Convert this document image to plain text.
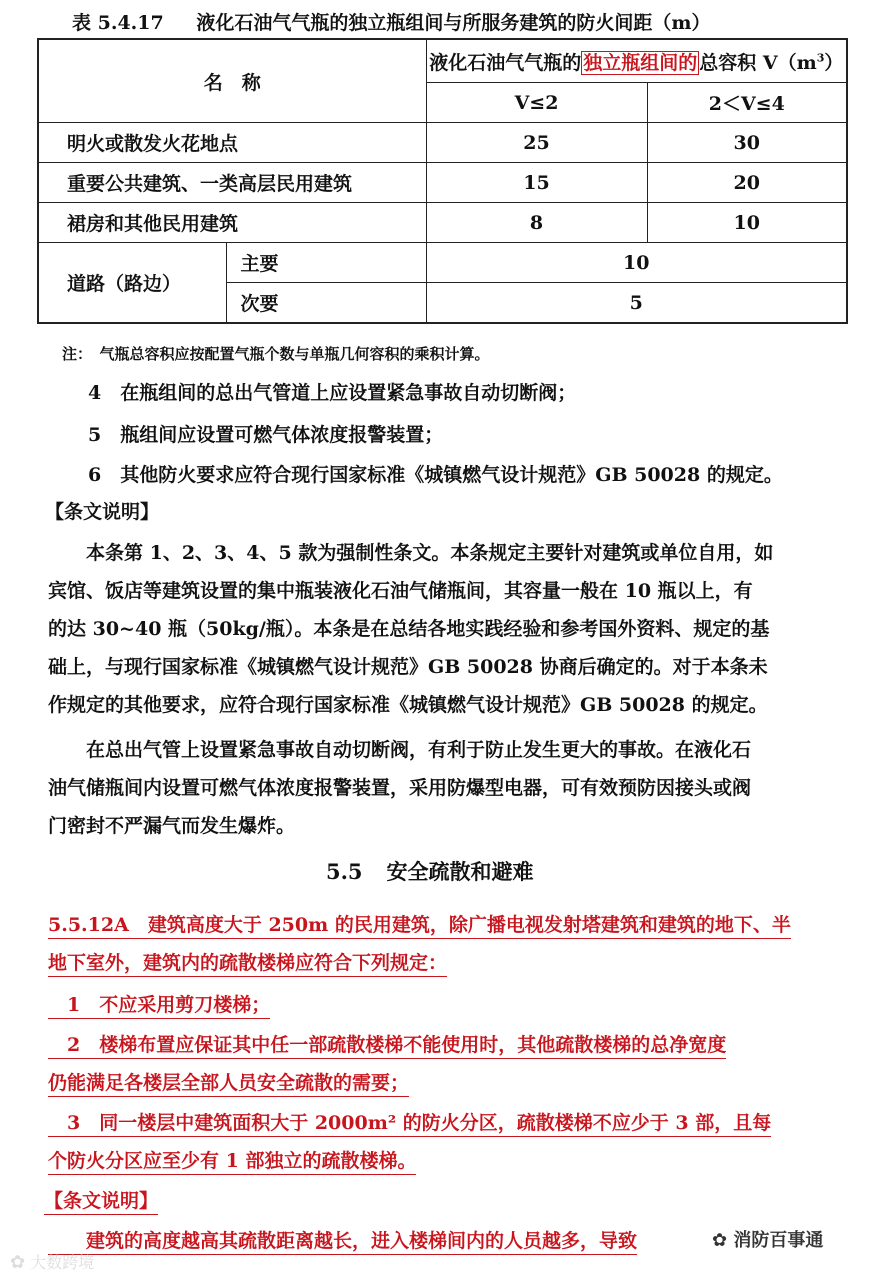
表 5.4.17 液化石油气气瓶的独立瓶组间与所服务建筑的防火间距（m）
名　称		液化石油气气瓶的 独立瓶组间的 总容积 $V(m^3)$	
		V≤2	2＜V≤4
明火或散发火花地点		25	30
重要公共建筑、一类高层民用建筑		15	20
裙房和其他民用建筑		8	10
道路（路边）	主要	10	
	次要	5	
注：　气瓶总容积应按配置气瓶个数与单瓶几何容积的乘积计算。
4　在瓶组间的总出气管道上应设置紧急事故自动切断阀；
5　瓶组间应设置可燃气体浓度报警装置；
6　其他防火要求应符合现行国家标准《城镇燃气设计规范》GB 50028 的规定。
【条文说明】
　　本条第 1、2、3、4、5 款为强制性条文。本条规定主要针对建筑或单位自用，如
宾馆、饭店等建筑设置的集中瓶装液化石油气储瓶间，其容量一般在 10 瓶以上，有
的达 30~40 瓶（50kg/瓶）。本条是在总结各地实践经验和参考国外资料、规定的基
础上，与现行国家标准《城镇燃气设计规范》GB 50028 协商后确定的。对于本条未
作规定的其他要求，应符合现行国家标准《城镇燃气设计规范》GB 50028 的规定。
　　在总出气管上设置紧急事故自动切断阀，有利于防止发生更大的事故。在液化石
油气储瓶间内设置可燃气体浓度报警装置，采用防爆型电器，可有效预防因接头或阀
门密封不严漏气而发生爆炸。
5.5 安全疏散和避难
5.5.12A　建筑高度大于 250m 的民用建筑，除广播电视发射塔建筑和建筑的地下、半
地下室外，建筑内的疏散楼梯应符合下列规定：
　1　不应采用剪刀楼梯；
　2　楼梯布置应保证其中任一部疏散楼梯不能使用时，其他疏散楼梯的总净宽度
仍能满足各楼层全部人员安全疏散的需要；
　3　同一楼层中建筑面积大于 2000m² 的防火分区，疏散楼梯不应少于 3 部，且每
个防火分区应至少有 1 部独立的疏散楼梯。
【条文说明】
　　建筑的高度越高其疏散距离越长，进入楼梯间内的人员越多，导致
✿ 大数跨境
✿ 消防百事通
